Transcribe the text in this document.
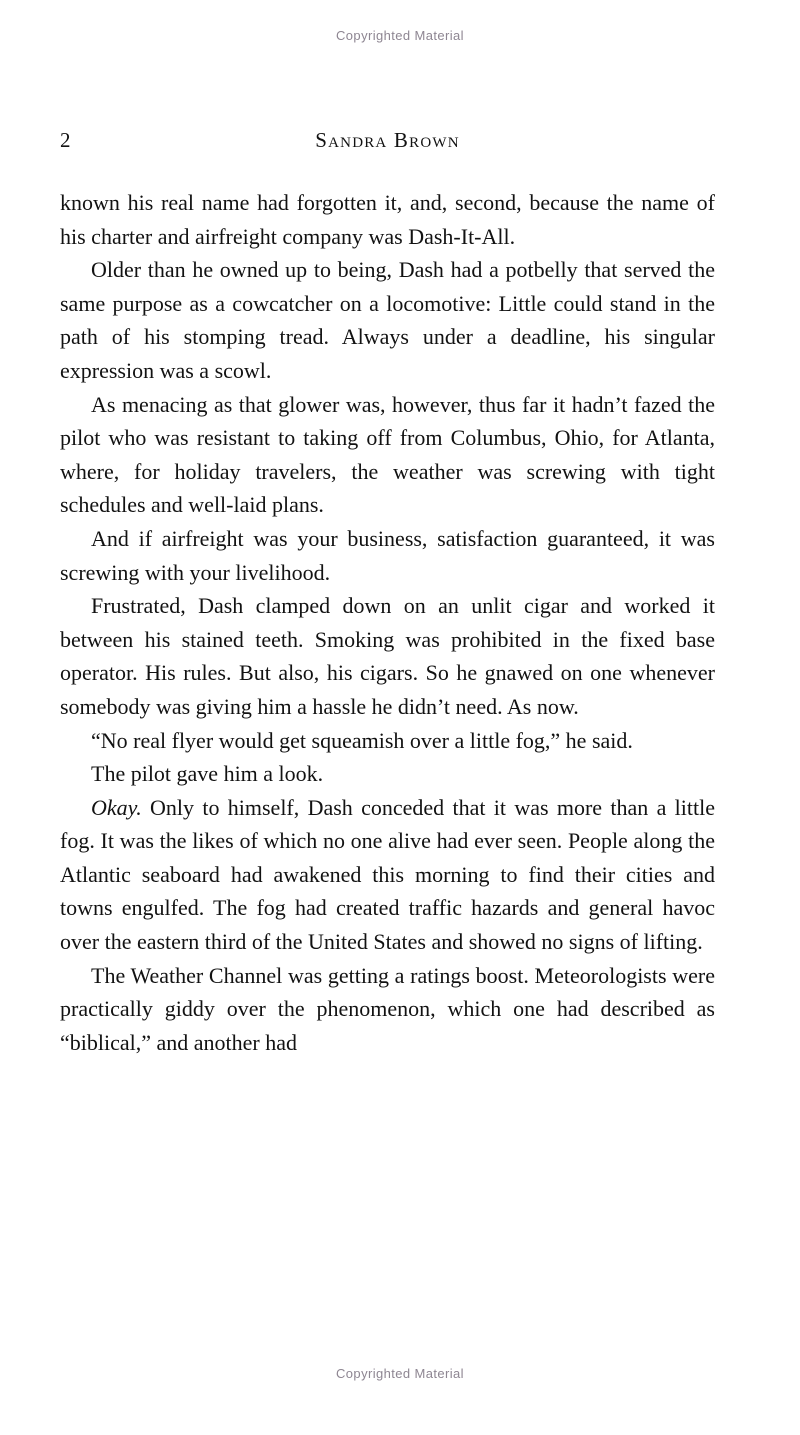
Copyrighted Material
2	Sandra Brown

known his real name had forgotten it, and, second, because the name of his charter and airfreight company was Dash-It-All.

Older than he owned up to being, Dash had a potbelly that served the same purpose as a cowcatcher on a locomotive: Little could stand in the path of his stomping tread. Always under a deadline, his singular expression was a scowl.

As menacing as that glower was, however, thus far it hadn’t fazed the pilot who was resistant to taking off from Columbus, Ohio, for Atlanta, where, for holiday travelers, the weather was screwing with tight schedules and well-laid plans.

And if airfreight was your business, satisfaction guaranteed, it was screwing with your livelihood.

Frustrated, Dash clamped down on an unlit cigar and worked it between his stained teeth. Smoking was prohibited in the fixed base operator. His rules. But also, his cigars. So he gnawed on one whenever somebody was giving him a hassle he didn’t need. As now.

“No real flyer would get squeamish over a little fog,” he said.

The pilot gave him a look.

Okay. Only to himself, Dash conceded that it was more than a little fog. It was the likes of which no one alive had ever seen. People along the Atlantic seaboard had awakened this morning to find their cities and towns engulfed. The fog had created traffic hazards and general havoc over the eastern third of the United States and showed no signs of lifting.

The Weather Channel was getting a ratings boost. Meteorologists were practically giddy over the phenomenon, which one had described as “biblical,” and another had

Copyrighted Material
